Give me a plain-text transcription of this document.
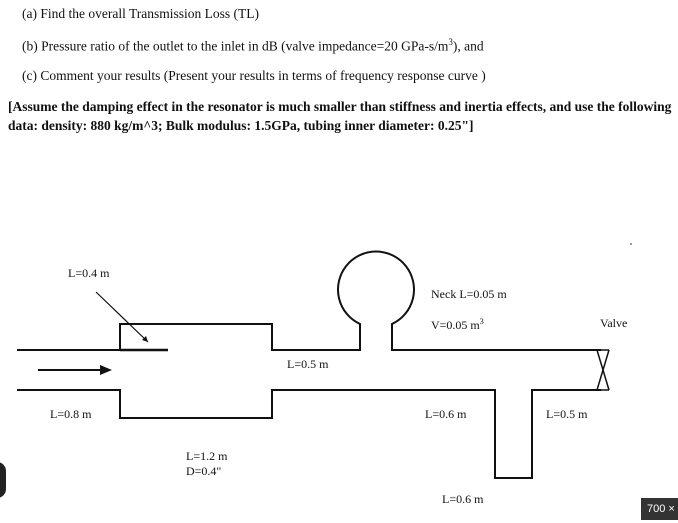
(a) Find the overall Transmission Loss (TL)
(b) Pressure ratio of the outlet to the inlet in dB (valve impedance=20 GPa-$s/m^3$), and
(c) Comment your results (Present your results in terms of frequency response curve )
[Assume the damping effect in the resonator is much smaller than stiffness and inertia effects, and use the following
data: density: 880 kg/m^3; Bulk modulus: 1.5GPa, tubing inner diameter: 0.25"]
L=0.4 m
L=0.8 m
L=1.2 m
D=0.4"
L=0.5 m
Neck L=0.05 m
V=0.05 $m^3$
L=0.6 m
L=0.6 m
L=0.5 m
Valve
700 ×
